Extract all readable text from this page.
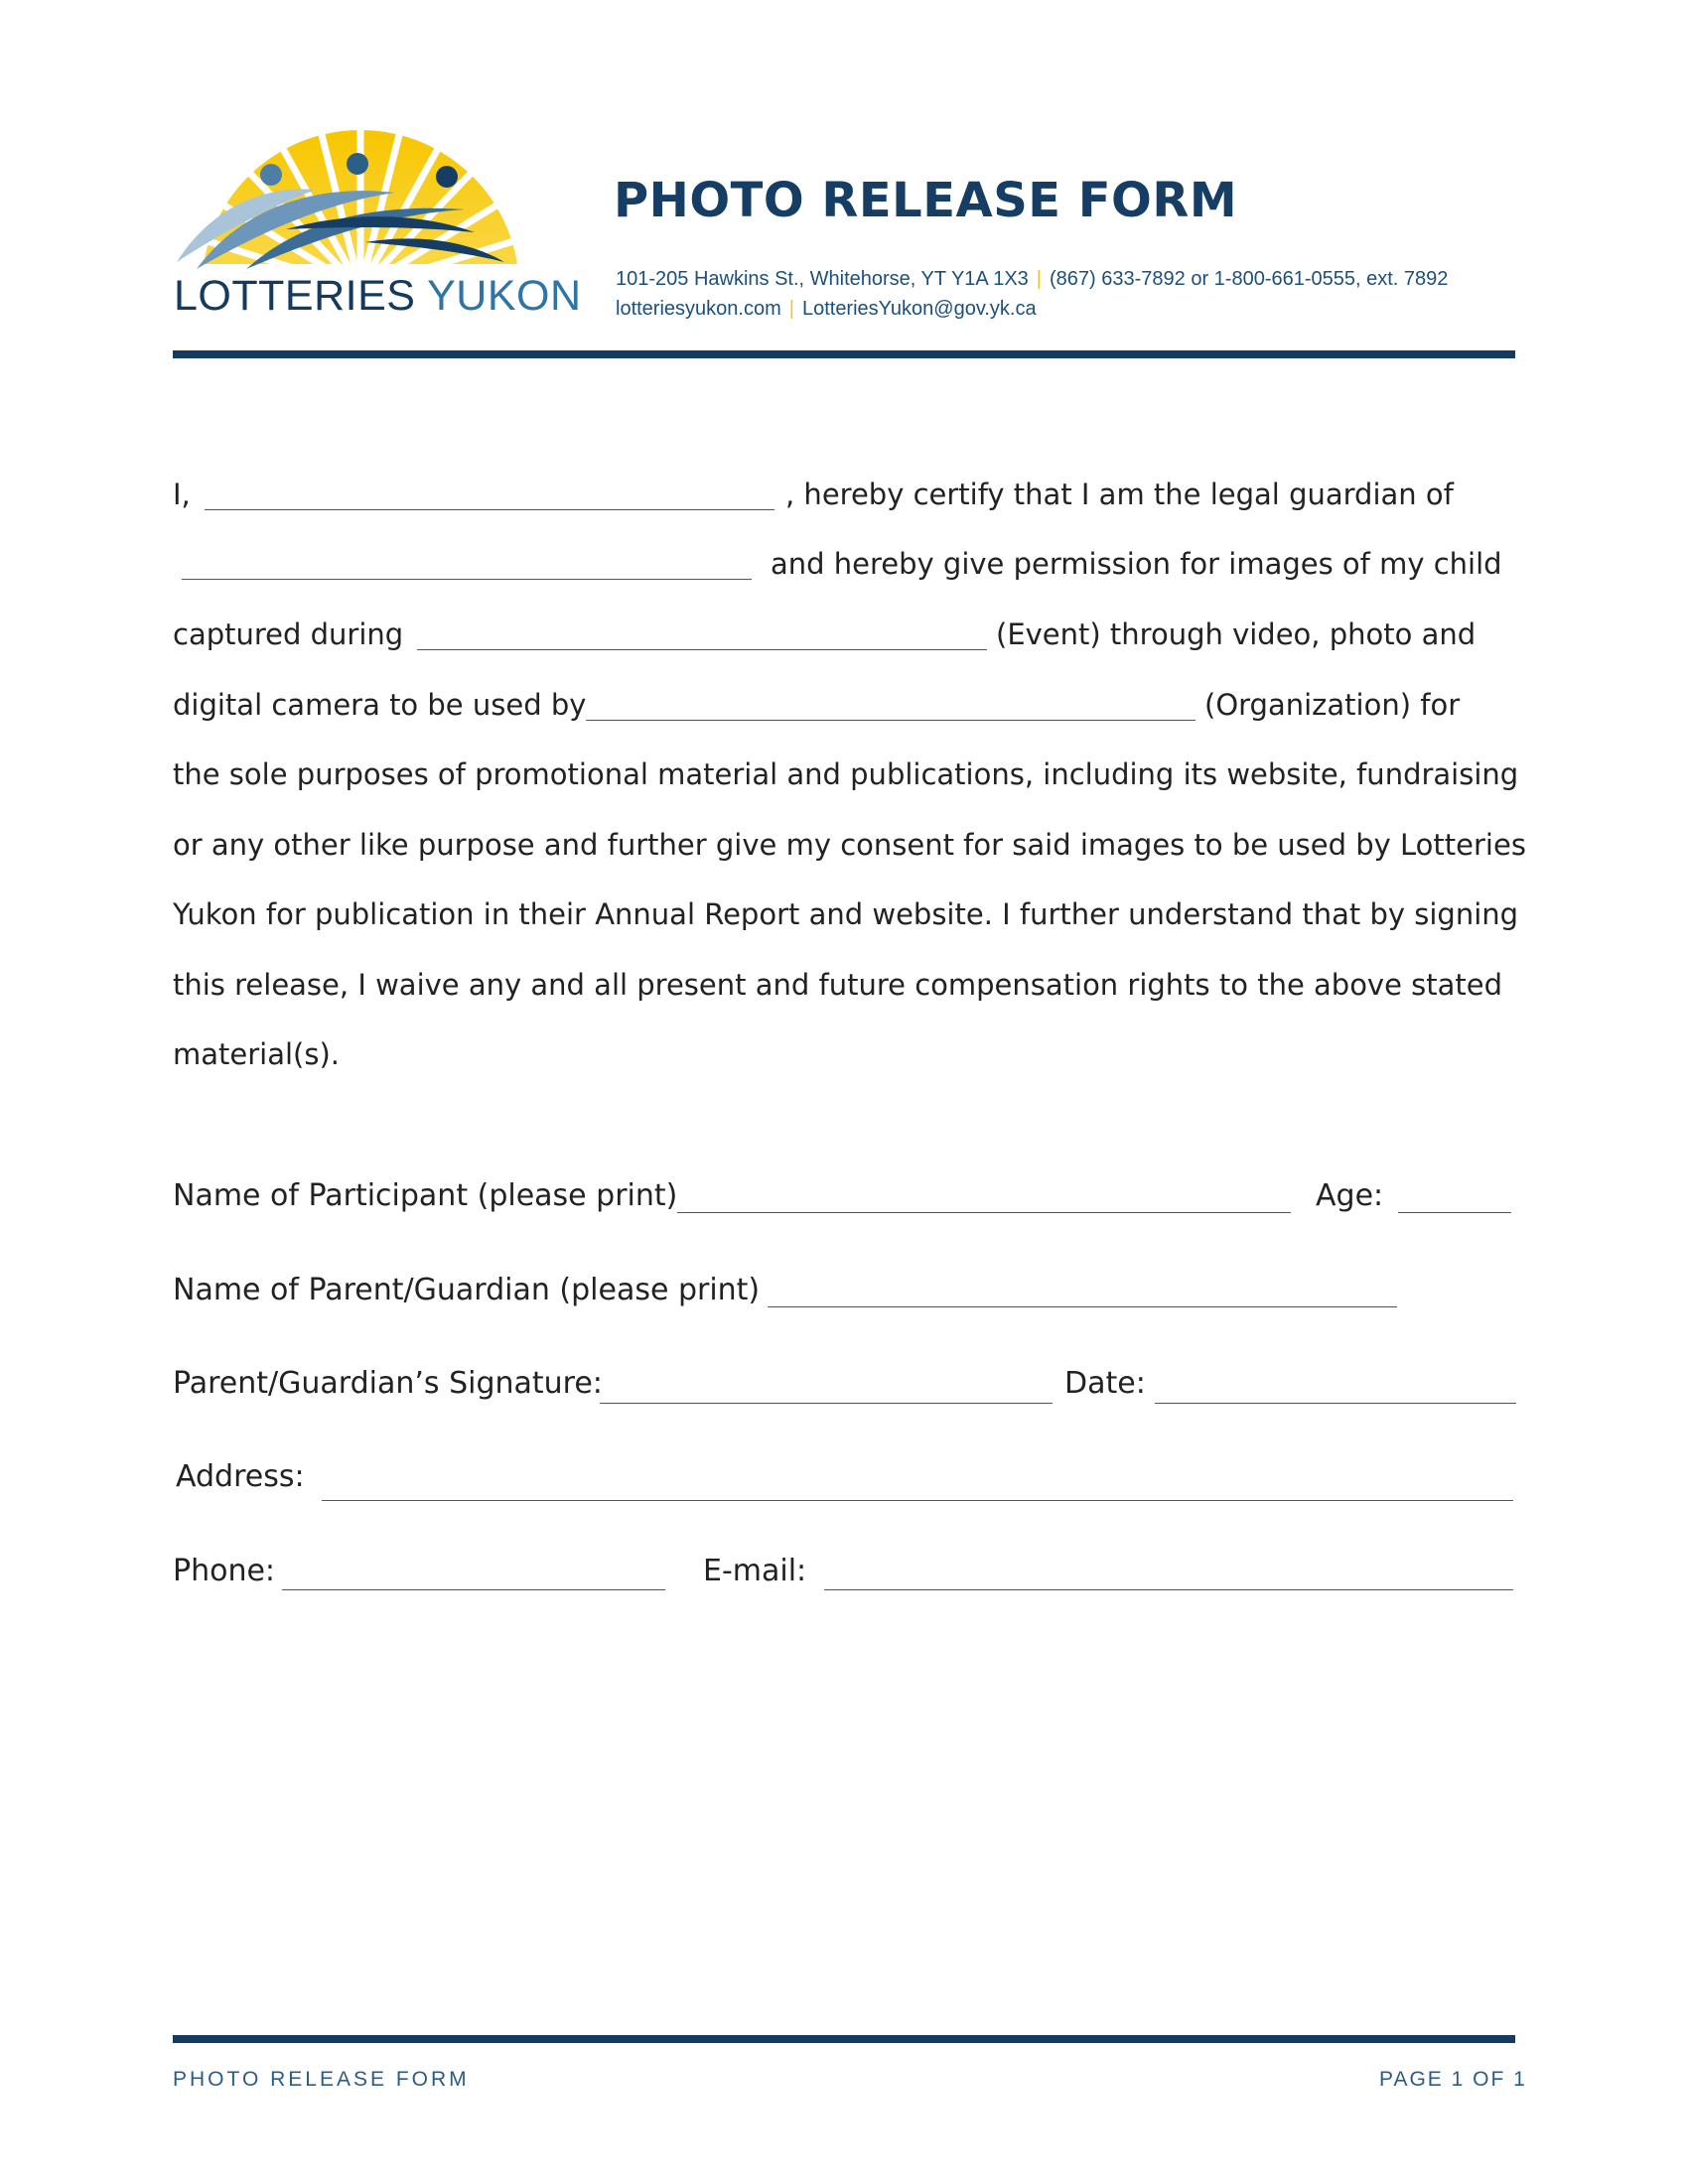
LOTTERIES YUKON
PHOTO RELEASE FORM
101-205 Hawkins St., Whitehorse, YT Y1A 1X3 | (867) 633-7892 or 1-800-661-0555, ext. 7892
lotteriesyukon.com | LotteriesYukon@gov.yk.ca
I,	, hereby certify that I am the legal guardian of
and hereby give permission for images of my child
captured during	(Event) through video, photo and
digital camera to be used by	(Organization) for
the sole purposes of promotional material and publications, including its website, fundraising
or any other like purpose and further give my consent for said images to be used by Lotteries
Yukon for publication in their Annual Report and website. I further understand that by signing
this release, I waive any and all present and future compensation rights to the above stated
material(s).
Name of Participant (please print)	Age:
Name of Parent/Guardian (please print)
Parent/Guardian’s Signature:	Date:
Address:
Phone:	E-mail:
PHOTO RELEASE FORM	PAGE 1 OF 1
